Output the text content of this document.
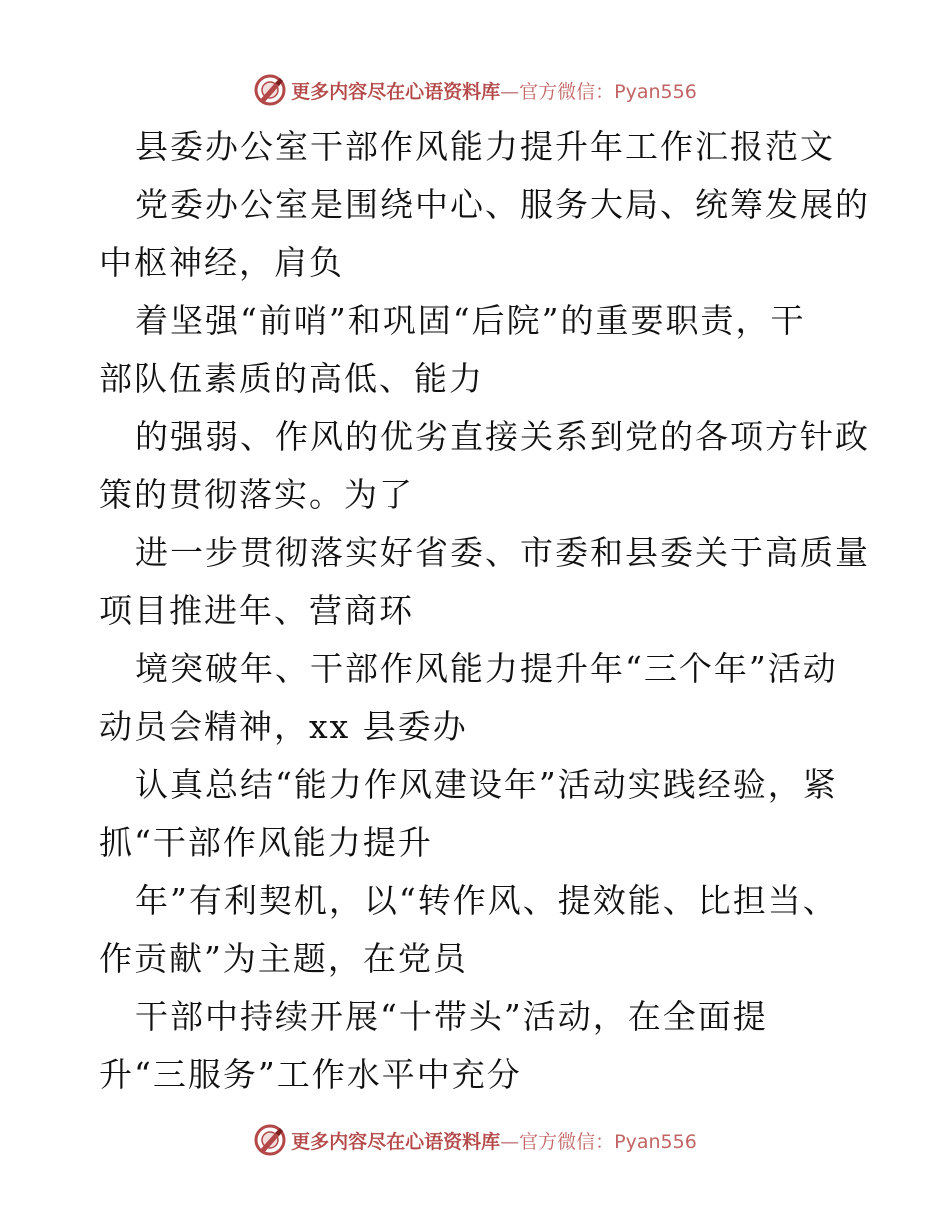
更多内容尽在心语资料库—官方微信：Pyan556
县委办公室干部作风能力提升年工作汇报范文
党委办公室是围绕中心、服务大局、统筹发展的
中枢神经，肩负
着坚强“前哨”和巩固“后院”的重要职责，干
部队伍素质的高低、能力
的强弱、作风的优劣直接关系到党的各项方针政
策的贯彻落实。为了
进一步贯彻落实好省委、市委和县委关于高质量
项目推进年、营商环
境突破年、干部作风能力提升年“三个年”活动
动员会精神，xx 县委办
认真总结“能力作风建设年”活动实践经验，紧
抓“干部作风能力提升
年”有利契机，以“转作风、提效能、比担当、
作贡献”为主题，在党员
干部中持续开展“十带头”活动，在全面提
升“三服务”工作水平中充分
更多内容尽在心语资料库—官方微信：Pyan556
